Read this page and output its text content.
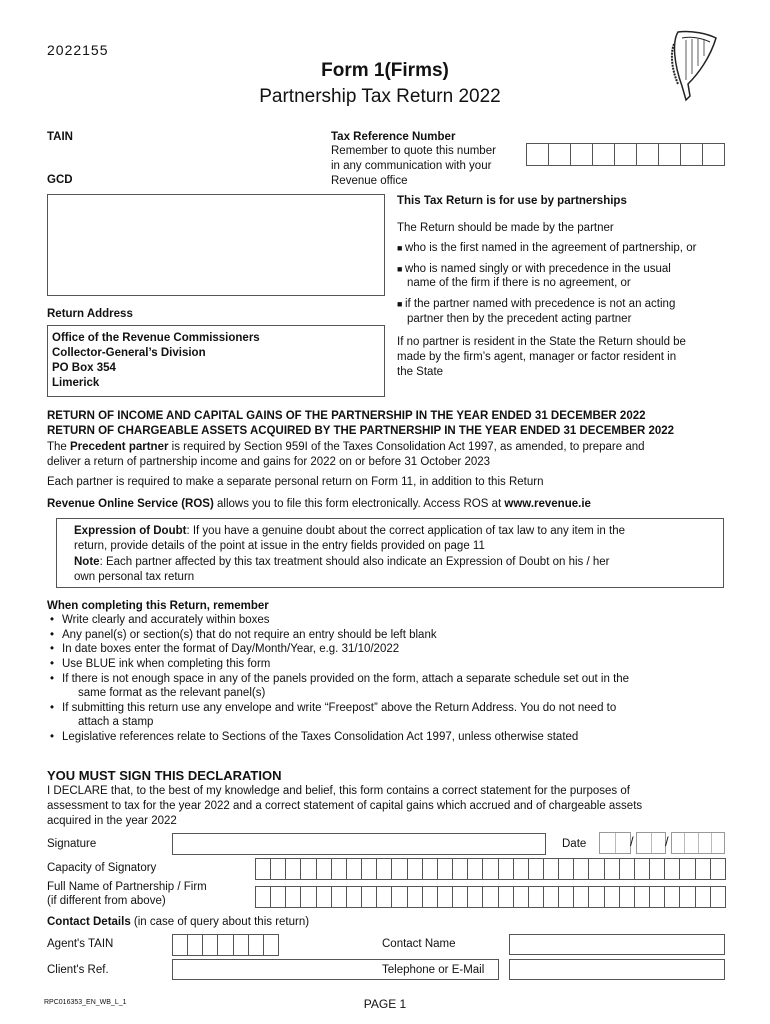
2022155
Form 1(Firms)
Partnership Tax Return 2022
TAIN
GCD
Return Address
Office of the Revenue Commissioners
Collector-General’s Division
PO Box 354
Limerick
Tax Reference Number
Remember to quote this number
in any communication with your
Revenue office
This Tax Return is for use by partnerships
The Return should be made by the partner
■ who is the first named in the agreement of partnership, or
■ who is named singly or with precedence in the usual
name of the firm if there is no agreement, or
■ if the partner named with precedence is not an acting
partner then by the precedent acting partner
If no partner is resident in the State the Return should be
made by the firm’s agent, manager or factor resident in
the State
RETURN OF INCOME AND CAPITAL GAINS OF THE PARTNERSHIP IN THE YEAR ENDED 31 DECEMBER 2022
RETURN OF CHARGEABLE ASSETS ACQUIRED BY THE PARTNERSHIP IN THE YEAR ENDED 31 DECEMBER 2022
The Precedent partner is required by Section 959I of the Taxes Consolidation Act 1997, as amended, to prepare and
deliver a return of partnership income and gains for 2022 on or before 31 October 2023
Each partner is required to make a separate personal return on Form 11, in addition to this Return
Revenue Online Service (ROS) allows you to file this form electronically. Access ROS at www.revenue.ie
Expression of Doubt: If you have a genuine doubt about the correct application of tax law to any item in the
return, provide details of the point at issue in the entry fields provided on page 11
Note: Each partner affected by this tax treatment should also indicate an Expression of Doubt on his / her
own personal tax return
When completing this Return, remember
• Write clearly and accurately within boxes
• Any panel(s) or section(s) that do not require an entry should be left blank
• In date boxes enter the format of Day/Month/Year, e.g. 31/10/2022
• Use BLUE ink when completing this form
• If there is not enough space in any of the panels provided on the form, attach a separate schedule set out in the
same format as the relevant panel(s)
• If submitting this return use any envelope and write “Freepost” above the Return Address. You do not need to
attach a stamp
• Legislative references relate to Sections of the Taxes Consolidation Act 1997, unless otherwise stated
YOU MUST SIGN THIS DECLARATION
I DECLARE that, to the best of my knowledge and belief, this form contains a correct statement for the purposes of
assessment to tax for the year 2022 and a correct statement of capital gains which accrued and of chargeable assets
acquired in the year 2022
Signature	Date	/ /
Capacity of Signatory
Full Name of Partnership / Firm
(if different from above)
Contact Details (in case of query about this return)
Agent's TAIN	Contact Name
Client's Ref.	Telephone or E-Mail
RPC016353_EN_WB_L_1	PAGE 1
